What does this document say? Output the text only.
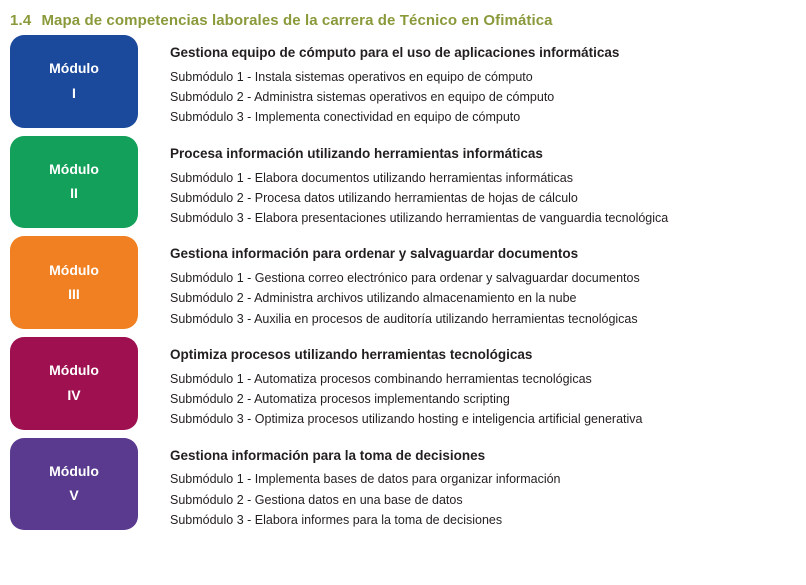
1.4 Mapa de competencias laborales de la carrera de Técnico en Ofimática
Módulo
I
Gestiona equipo de cómputo para el uso de aplicaciones informáticas
Submódulo 1 - Instala sistemas operativos en equipo de cómputo
Submódulo 2 - Administra sistemas operativos en equipo de cómputo
Submódulo 3 - Implementa conectividad en equipo de cómputo
Módulo
II
Procesa información utilizando herramientas informáticas
Submódulo 1 - Elabora documentos utilizando herramientas informáticas
Submódulo 2 - Procesa datos utilizando herramientas de hojas de cálculo
Submódulo 3 - Elabora presentaciones utilizando herramientas de vanguardia tecnológica
Módulo
III
Gestiona información para ordenar y salvaguardar documentos
Submódulo 1 - Gestiona correo electrónico para ordenar y salvaguardar documentos
Submódulo 2 - Administra archivos utilizando almacenamiento en la nube
Submódulo 3 - Auxilia en procesos de auditoría utilizando herramientas tecnológicas
Módulo
IV
Optimiza procesos utilizando herramientas tecnológicas
Submódulo 1 - Automatiza procesos combinando herramientas tecnológicas
Submódulo 2 - Automatiza procesos implementando scripting
Submódulo 3 - Optimiza procesos utilizando hosting e inteligencia artificial generativa
Módulo
V
Gestiona información para la toma de decisiones
Submódulo 1 - Implementa bases de datos para organizar información
Submódulo 2 - Gestiona datos en una base de datos
Submódulo 3 - Elabora informes para la toma de decisiones
